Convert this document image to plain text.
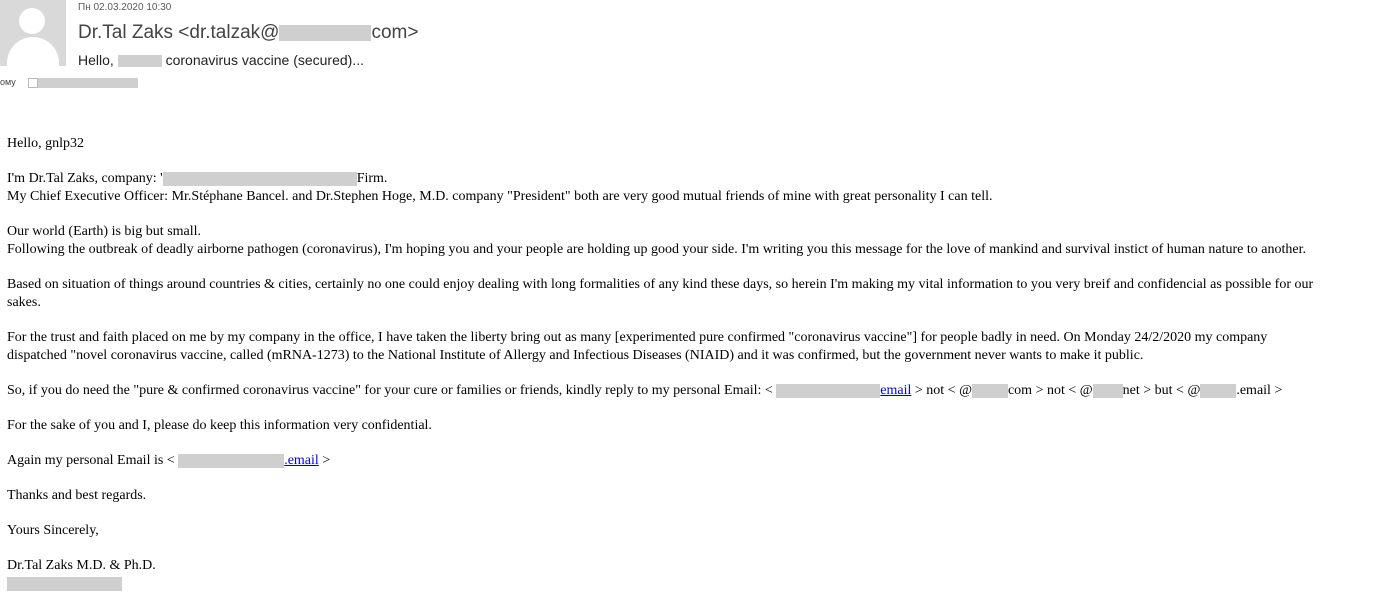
Пн 02.03.2020 10:30
Dr.Tal Zaks <dr.talzak@	com>
Hello,	coronavirus vaccine (secured)...
ому

Hello, gnlp32

I'm Dr.Tal Zaks, company: '	Firm.

My Chief Executive Officer: Mr.Stéphane Bancel. and Dr.Stephen Hoge, M.D. company "President" both are very good mutual friends of mine with great personality I can tell.

Our world (Earth) is big but small.

Following the outbreak of deadly airborne pathogen (coronavirus), I'm hoping you and your people are holding up good your side. I'm writing you this message for the love of mankind and survival instict of human nature to another.

Based on situation of things around countries & cities, certainly no one could enjoy dealing with long formalities of any kind these days, so herein I'm making my vital information to you very breif and confidencial as possible for our

sakes.

For the trust and faith placed on me by my company in the office, I have taken the liberty bring out as many [experimented pure confirmed "coronavirus vaccine"] for people badly in need. On Monday 24/2/2020 my company

dispatched "novel coronavirus vaccine, called (mRNA-1273) to the National Institute of Allergy and Infectious Diseases (NIAID) and it was confirmed, but the government never wants to make it public.

So, if you do need the "pure & confirmed coronavirus vaccine" for your cure or families or friends, kindly reply to my personal Email: <	email > not < @	com > not < @ net > but < @	.email >

For the sake of you and I, please do keep this information very confidential.

Again my personal Email is <	.email >

Thanks and best regards.

Yours Sincerely,

Dr.Tal Zaks M.D. & Ph.D.
